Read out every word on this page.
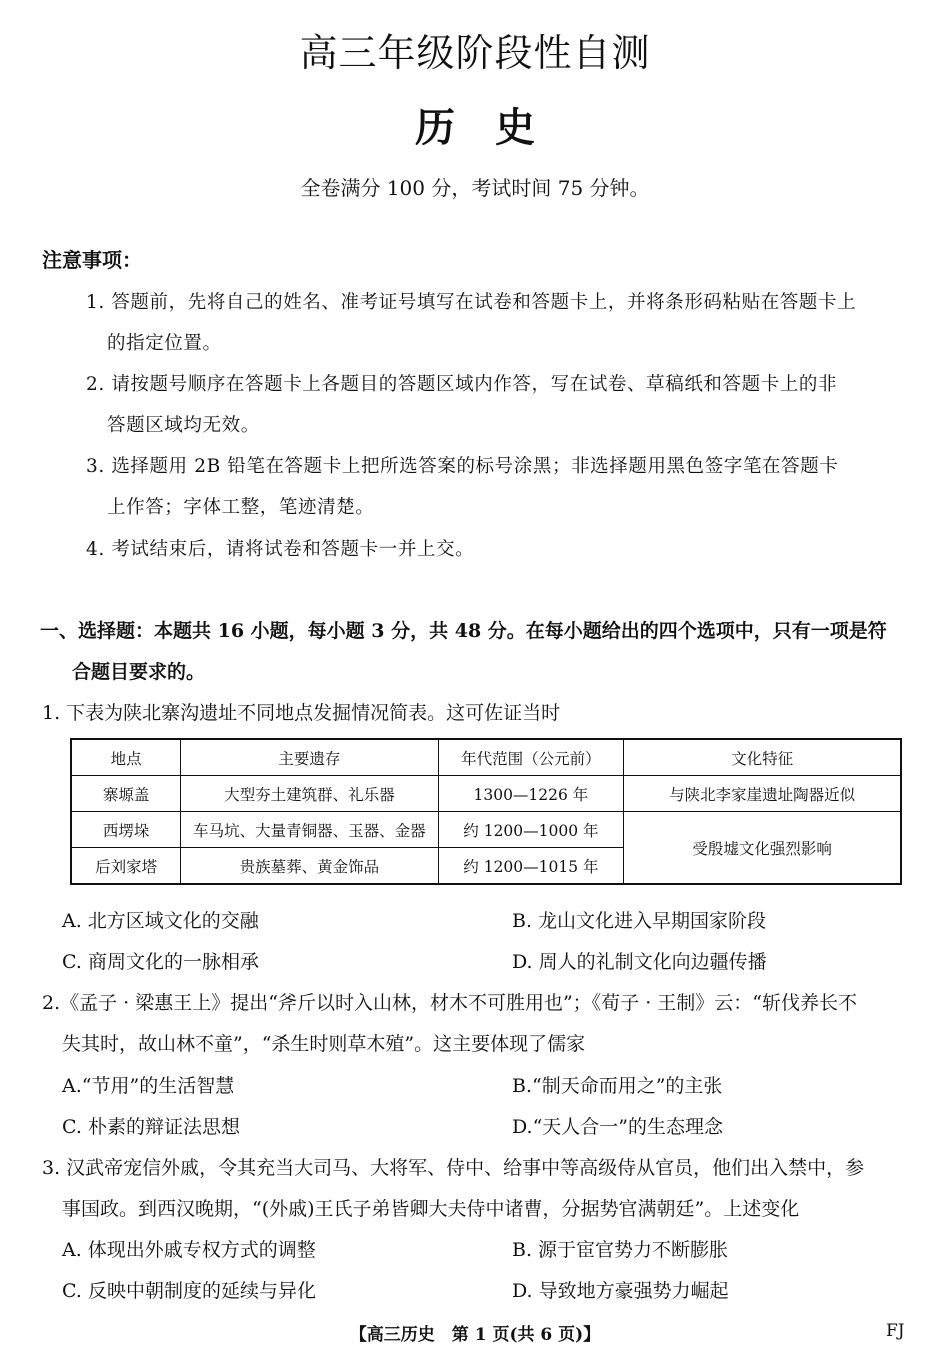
高三年级阶段性自测
历史
全卷满分 100 分，考试时间 75 分钟。
注意事项：
1. 答题前，先将自己的姓名、准考证号填写在试卷和答题卡上，并将条形码粘贴在答题卡上
的指定位置。
2. 请按题号顺序在答题卡上各题目的答题区域内作答，写在试卷、草稿纸和答题卡上的非
答题区域均无效。
3. 选择题用 2B 铅笔在答题卡上把所选答案的标号涂黑；非选择题用黑色签字笔在答题卡
上作答；字体工整，笔迹清楚。
4. 考试结束后，请将试卷和答题卡一并上交。
一、选择题：本题共 16 小题，每小题 3 分，共 48 分。在每小题给出的四个选项中，只有一项是符
合题目要求的。
1. 下表为陕北寨沟遗址不同地点发掘情况简表。这可佐证当时
地点	主要遗存	年代范围（公元前）	文化特征
寨塬盖	大型夯土建筑群、礼乐器	1300—1226 年	与陕北李家崖遗址陶器近似
西塄垛	车马坑、大量青铜器、玉器、金器	约 1200—1000 年	受殷墟文化强烈影响
后刘家塔	贵族墓葬、黄金饰品	约 1200—1015 年	
A. 北方区域文化的交融	B. 龙山文化进入早期国家阶段
C. 商周文化的一脉相承	D. 周人的礼制文化向边疆传播
2.《孟子 · 梁惠王上》提出“斧斤以时入山林，材木不可胜用也”；《荀子 · 王制》云：“斩伐养长不
失其时，故山林不童”，“杀生时则草木殖”。这主要体现了儒家
A.“节用”的生活智慧	B.“制天命而用之”的主张
C. 朴素的辩证法思想	D.“天人合一”的生态理念
3. 汉武帝宠信外戚，令其充当大司马、大将军、侍中、给事中等高级侍从官员，他们出入禁中，参
事国政。到西汉晚期，“(外戚)王氏子弟皆卿大夫侍中诸曹，分据势官满朝廷”。上述变化
A. 体现出外戚专权方式的调整	B. 源于宦官势力不断膨胀
C. 反映中朝制度的延续与异化	D. 导致地方豪强势力崛起
【高三历史　第 1 页(共 6 页)】	FJ
